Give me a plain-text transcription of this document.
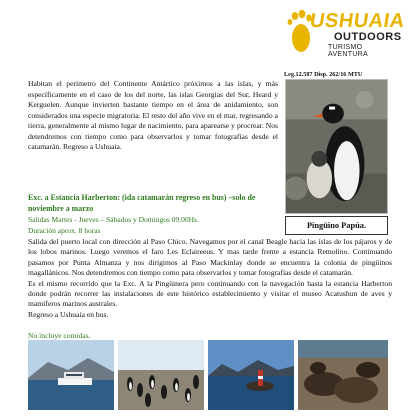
USHUAIA
OUTDOORS
TURISMO AVENTURA
Leg.12.587 Disp. 262/16 MTU

Habitan el perímetro del Continente Antártico próximos a las islas, y más específicamente en el caso de los del norte, las islas Georgias del Sur, Heard y Kerguelen. Aunque invierten bastante tiempo en el área de anidamiento, son considerados una especie migratoria. El resto del año vive en el mar, regresando a tierra, generalmente al mismo lugar de nacimiento, para aparearse y procrear. Nos detendremos con tiempo como para observarlos y tomar fotografías desde el catamarán. Regreso a Ushuaia.

Pingüino Papúa.
Exc. a Estancia Harberton: (ida catamarán regreso en bus) –solo de noviembre a marzo
Salidas Martes - Jueves – Sábados y Domingos 09.00Hs.
Duración aprox. 8 horas
Salida del puerto local con dirección al Paso Chico. Navegamos por el canal Beagle hacia las islas de los pájaros y de los lobos marinos. Luego veremos el faro Les Eclaireeus. Y mas tarde frente a estancia Remolino. Continuando pasamos por Punta Almanza y nos dirigimos al Paso Mackinlay donde se encuentra la colonia de pingüinos magallánicos. Nos detendremos con tiempo como para observarlos y tomar fotografías desde el catamarán.
Es el mismo recorrido que la Exc. A la Pingüinera pero continuando con la navegación hasta la estancia Harberton donde podrán recorrer las instalaciones de este histórico establecimiento y visitar el museo Acatushun de aves y mamíferos marinos australes.
Regreso a Ushuaia en bus.
No incluye comidas.
